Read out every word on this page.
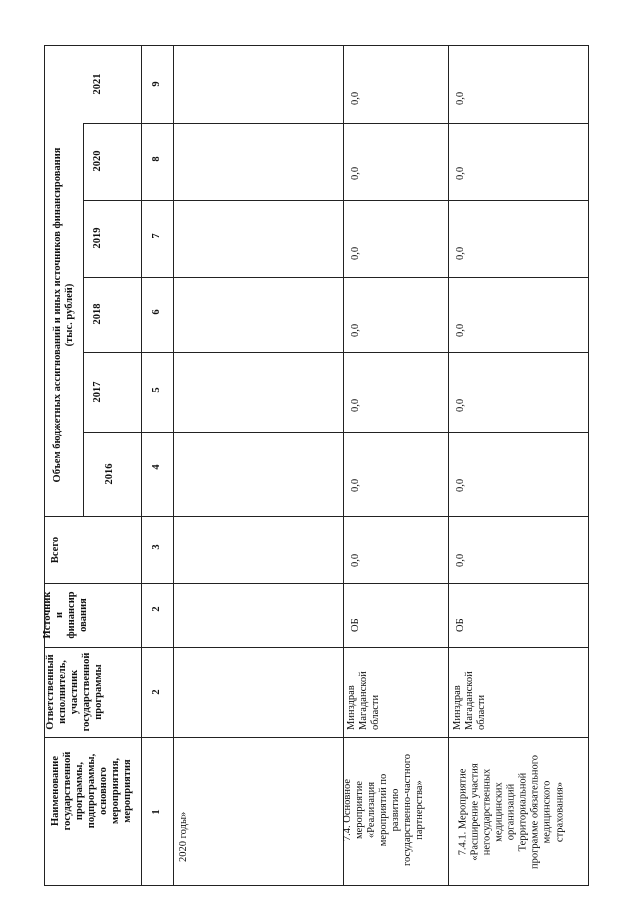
Наименование
государственной
программы,
подпрограммы,
основного
мероприятия,
мероприятия
Ответственный
исполнитель,
участник
государственной
программы
Источник
и
финансир
ования
Всего
Объем бюджетных ассигнований и иных источников финансирования
(тыс. рублей)
2016
2017
2018
2019
2020
2021
1
2
2
3
4
5
6
7
8
9
2020 годы»	7.4. Основное
мероприятие
«Реализация
мероприятий по
развитию
государственно-частного
партнерства»
Минздрав
Магаданской
области
ОБ
0,0
0,0
0,0
0,0
0,0
0,0
0,0
7.4.1. Мероприятие
«Расширение участия
негосударственных
медицинских
организаций
Территориальной
программе обязательного
медицинского
страхования»
Минздрав
Магаданской
области
ОБ
0,0
0,0
0,0
0,0
0,0
0,0
0,0
